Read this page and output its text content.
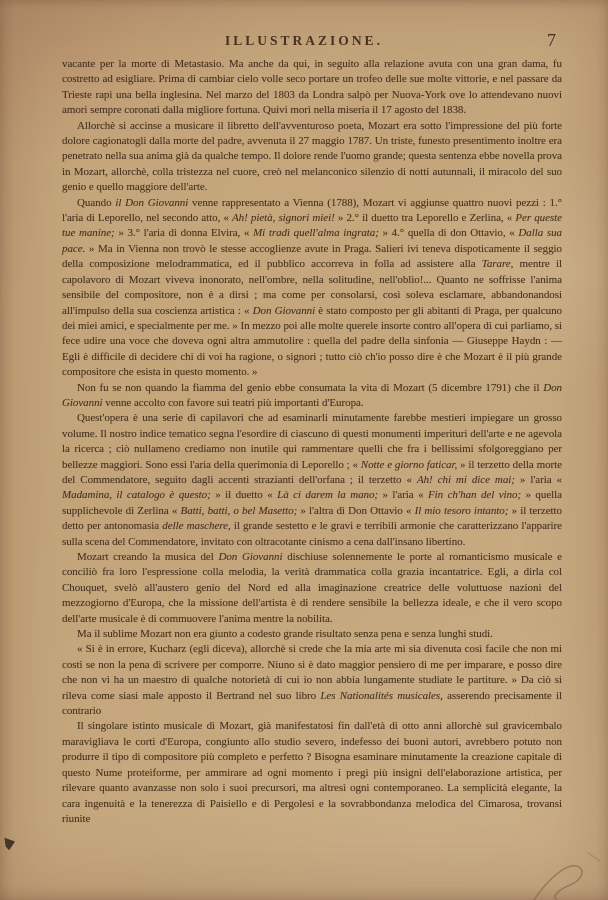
ILLUSTRAZIONE.	7

vacante per la morte di Metastasio. Ma anche da qui, in seguito alla relazione avuta con una gran dama, fu costretto ad esigliare. Prima di cambiar cielo volle seco portare un trofeo delle sue molte vittorie, e nel passare da Trieste rapì una bella inglesina. Nel marzo del 1803 da Londra salpò per Nuova-York ove lo attendevano nuovi amori sempre coronati dalla migliore fortuna. Quivi morì nella miseria il 17 agosto del 1838.

Allorchè si accinse a musicare il libretto dell'avventuroso poeta, Mozart era sotto l'impressione del più forte dolore cagionatogli dalla morte del padre, avvenuta il 27 maggio 1787. Un triste, funesto presentimento inoltre era penetrato nella sua anima già da qualche tempo. Il dolore rende l'uomo grande; questa sentenza ebbe novella prova in Mozart, allorchè, colla tristezza nel cuore, creò nel melanconico silenzio di notti autunnali, il miracolo del suo genio e quello maggiore dell'arte.

Quando il Don Giovanni venne rappresentato a Vienna (1788), Mozart vi aggiunse quattro nuovi pezzi : 1.° l'aria di Leporello, nel secondo atto, « Ah! pietà, signori miei! » 2.° il duetto tra Leporello e Zerlina, « Per queste tue manine; » 3.° l'aria di donna Elvira, « Mi tradì quell'alma ingrata; » 4.° quella di don Ottavio, « Dalla sua pace. » Ma in Vienna non trovò le stesse accoglienze avute in Praga. Salieri ivi teneva dispoticamente il seggio della composizione melodrammatica, ed il pubblico accorreva in folla ad assistere alla Tarare, mentre il capolavoro di Mozart viveva inonorato, nell'ombre, nella solitudine, nell'oblìo!... Quanto ne soffrisse l'anima sensibile del compositore, non è a dirsi ; ma come per consolarsi, così soleva esclamare, abbandonandosi all'impulso della sua coscienza artistica : « Don Giovanni è stato composto per gli abitanti di Praga, per qualcuno dei miei amici, e specialmente per me. » In mezzo poi alle molte querele insorte contro all'opera di cui parliamo, si fece udire una voce che doveva ogni altra ammutolire : quella del padre della sinfonia — Giuseppe Haydn : — Egli è difficile di decidere chi di voi ha ragione, o signori ; tutto ciò ch'io posso dire è che Mozart è il più grande compositore che esista in questo momento. »

Non fu se non quando la fiamma del genio ebbe consumata la vita di Mozart (5 dicembre 1791) che il Don Giovanni venne accolto con favore sui teatri più importanti d'Europa.

Quest'opera è una serie di capilavori che ad esaminarli minutamente farebbe mestieri impiegare un grosso volume. Il nostro indice tematico segna l'esordire di ciascuno di questi monumenti imperituri dell'arte e ne agevola la ricerca ; ciò nullameno crediamo non inutile qui rammentare quelli che fra i bellissimi sfolgoreggiano per bellezze maggiori. Sono essi l'aria della querimonia di Leporello ; « Notte e giorno faticar, » il terzetto della morte del Commendatore, seguìto dagli accenti strazianti dell'orfana ; il terzetto « Ah! chi mi dice mai; » l'aria « Madamina, il catalogo è questo; » il duetto « Là ci darem la mano; » l'aria « Fin ch'han del vino; » quella supplichevole di Zerlina « Batti, batti, o bel Masetto; » l'altra di Don Ottavio « Il mio tesoro intanto; » il terzetto detto per antonomasia delle maschere, il grande sestetto e le gravi e terribili armonie che caratterizzano l'apparire sulla scena del Commendatore, invitato con oltracotante cinismo a cena dall'insano libertino.

Mozart creando la musica del Don Giovanni dischiuse solennemente le porte al romanticismo musicale e conciliò fra loro l'espressione colla melodia, la verità drammatica colla grazia incantatrice. Egli, a dirla col Chouquet, svelò all'austero genio del Nord ed alla imaginazione creatrice delle voluttuose nazioni del mezzogiorno d'Europa, che la missione dell'artista è di rendere sensibile la bellezza ideale, e che il vero scopo dell'arte musicale è di commuovere l'anima mentre la nobilita.

Ma il sublime Mozart non era giunto a codesto grande risultato senza pena e senza lunghi studi.

« Si è in errore, Kucharz (egli diceva), allorchè si crede che la mia arte mi sia divenuta così facile che non mi costi se non la pena di scrivere per comporre. Niuno si è dato maggior pensiero di me per imparare, e posso dire che non vi ha un maestro di qualche notorietà di cui io non abbia lungamente studiate le partiture. » Da ciò si rileva come siasi male apposto il Bertrand nel suo libro Les Nationalités musicales, asserendo precisamente il contrario

Il singolare istinto musicale di Mozart, già manifestatosi fin dall'età di otto anni allorchè sul gravicembalo maravigliava le corti d'Europa, congiunto allo studio severo, indefesso dei buoni autori, avrebbero potuto non produrre il tipo di compositore più completo e perfetto ? Bisogna esaminare minutamente la creazione capitale di questo Nume proteiforme, per ammirare ad ogni momento i pregi più insigni dell'elaborazione artistica, per rilevare quanto avanzasse non solo i suoi precursori, ma altresì ogni contemporaneo. La semplicità elegante, la cara ingenuità e la tenerezza di Paisiello e di Pergolesi e la sovrabbondanza melodica del Cimarosa, trovansi riunite
